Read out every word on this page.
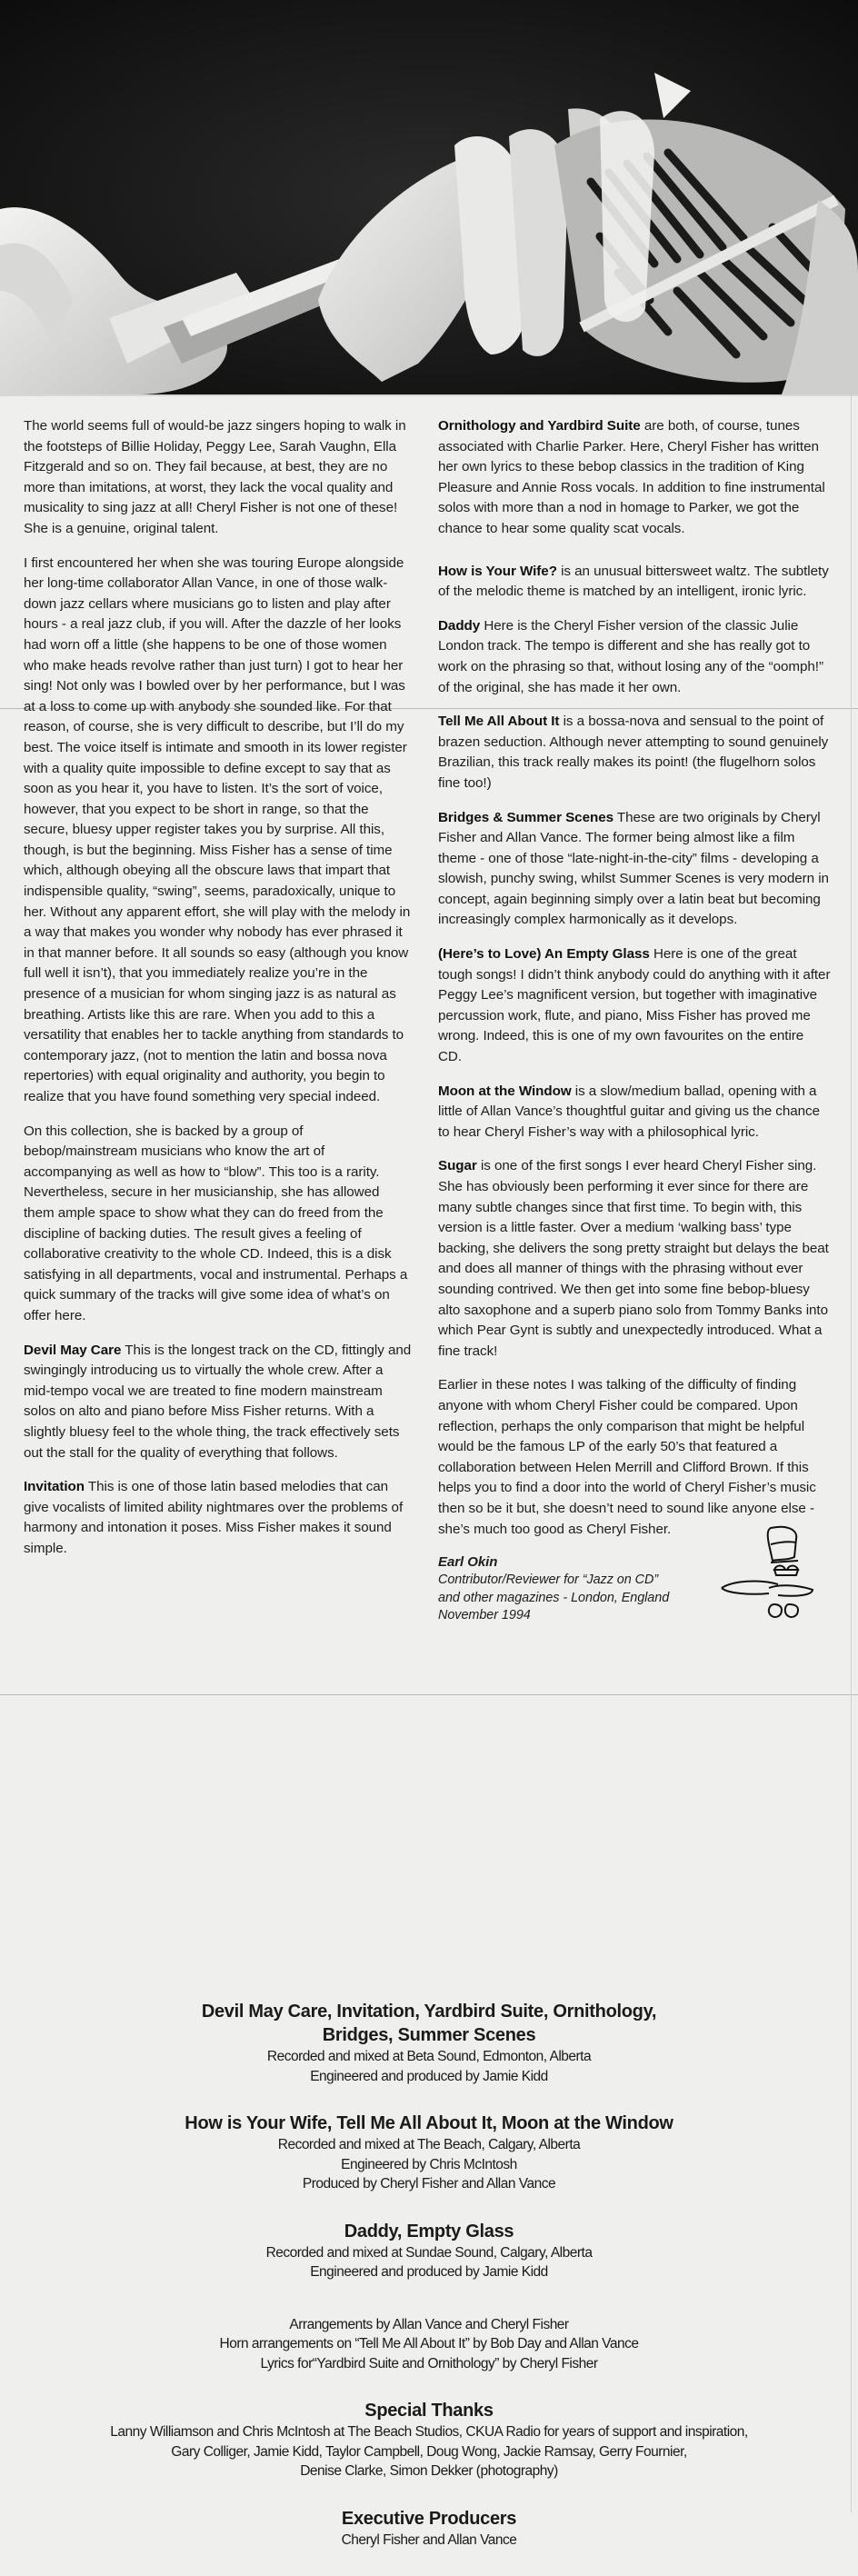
The world seems full of would-be jazz singers hoping to walk in the footsteps of Billie Holiday, Peggy Lee, Sarah Vaughn, Ella Fitzgerald and so on. They fail because, at best, they are no more than imitations, at worst, they lack the vocal quality and musicality to sing jazz at all! Cheryl Fisher is not one of these! She is a genuine, original talent.

I first encountered her when she was touring Europe alongside her long-time collaborator Allan Vance, in one of those walk-down jazz cellars where musicians go to listen and play after hours - a real jazz club, if you will. After the dazzle of her looks had worn off a little (she happens to be one of those women who make heads revolve rather than just turn) I got to hear her sing! Not only was I bowled over by her performance, but I was at a loss to come up with anybody she sounded like. For that reason, of course, she is very difficult to describe, but I’ll do my best. The voice itself is intimate and smooth in its lower register with a quality quite impossible to define except to say that as soon as you hear it, you have to listen. It’s the sort of voice, however, that you expect to be short in range, so that the secure, bluesy upper register takes you by surprise. All this, though, is but the beginning. Miss Fisher has a sense of time which, although obeying all the obscure laws that impart that indispensible quality, “swing”, seems, paradoxically, unique to her. Without any apparent effort, she will play with the melody in a way that makes you wonder why nobody has ever phrased it in that manner before. It all sounds so easy (although you know full well it isn’t), that you immediately realize you’re in the presence of a musician for whom singing jazz is as natural as breathing. Artists like this are rare. When you add to this a versatility that enables her to tackle anything from standards to contemporary jazz, (not to mention the latin and bossa nova repertories) with equal originality and authority, you begin to realize that you have found something very special indeed.

On this collection, she is backed by a group of bebop/mainstream musicians who know the art of accompanying as well as how to “blow”. This too is a rarity. Nevertheless, secure in her musicianship, she has allowed them ample space to show what they can do freed from the discipline of backing duties. The result gives a feeling of collaborative creativity to the whole CD. Indeed, this is a disk satisfying in all departments, vocal and instrumental. Perhaps a quick summary of the tracks will give some idea of what’s on offer here.

Devil May Care This is the longest track on the CD, fittingly and swingingly introducing us to virtually the whole crew. After a mid-tempo vocal we are treated to fine modern mainstream solos on alto and piano before Miss Fisher returns. With a slightly bluesy feel to the whole thing, the track effectively sets out the stall for the quality of everything that follows.

Invitation This is one of those latin based melodies that can give vocalists of limited ability nightmares over the problems of harmony and intonation it poses. Miss Fisher makes it sound simple.

Ornithology and Yardbird Suite are both, of course, tunes associated with Charlie Parker. Here, Cheryl Fisher has written her own lyrics to these bebop classics in the tradition of King Pleasure and Annie Ross vocals. In addition to fine instrumental solos with more than a nod in homage to Parker, we got the chance to hear some quality scat vocals.

How is Your Wife? is an unusual bittersweet waltz. The subtlety of the melodic theme is matched by an intelligent, ironic lyric.

Daddy Here is the Cheryl Fisher version of the classic Julie London track. The tempo is different and she has really got to work on the phrasing so that, without losing any of the “oomph!” of the original, she has made it her own.

Tell Me All About It is a bossa-nova and sensual to the point of brazen seduction. Although never attempting to sound genuinely Brazilian, this track really makes its point! (the flugelhorn solos fine too!)

Bridges & Summer Scenes These are two originals by Cheryl Fisher and Allan Vance. The former being almost like a film theme - one of those “late-night-in-the-city” films - developing a slowish, punchy swing, whilst Summer Scenes is very modern in concept, again beginning simply over a latin beat but becoming increasingly complex harmonically as it develops.

(Here’s to Love) An Empty Glass Here is one of the great tough songs! I didn’t think anybody could do anything with it after Peggy Lee’s magnificent version, but together with imaginative percussion work, flute, and piano, Miss Fisher has proved me wrong. Indeed, this is one of my own favourites on the entire CD.

Moon at the Window is a slow/medium ballad, opening with a little of Allan Vance’s thoughtful guitar and giving us the chance to hear Cheryl Fisher’s way with a philosophical lyric.

Sugar is one of the first songs I ever heard Cheryl Fisher sing. She has obviously been performing it ever since for there are many subtle changes since that first time. To begin with, this version is a little faster. Over a medium ‘walking bass’ type backing, she delivers the song pretty straight but delays the beat and does all manner of things with the phrasing without ever sounding contrived. We then get into some fine bebop-bluesy alto saxophone and a superb piano solo from Tommy Banks into which Pear Gynt is subtly and unexpectedly introduced. What a fine track!

Earlier in these notes I was talking of the difficulty of finding anyone with whom Cheryl Fisher could be compared. Upon reflection, perhaps the only comparison that might be helpful would be the famous LP of the early 50’s that featured a collaboration between Helen Merrill and Clifford Brown. If this helps you to find a door into the world of Cheryl Fisher’s music then so be it but, she doesn’t need to sound like anyone else - she’s much too good as Cheryl Fisher.

Earl Okin
Contributor/Reviewer for “Jazz on CD”
and other magazines - London, England
November 1994
Devil May Care, Invitation, Yardbird Suite, Ornithology,
Bridges, Summer Scenes
Recorded and mixed at Beta Sound, Edmonton, Alberta
Engineered and produced by Jamie Kidd
How is Your Wife, Tell Me All About It, Moon at the Window
Recorded and mixed at The Beach, Calgary, Alberta
Engineered by Chris McIntosh
Produced by Cheryl Fisher and Allan Vance
Daddy, Empty Glass
Recorded and mixed at Sundae Sound, Calgary, Alberta
Engineered and produced by Jamie Kidd
Arrangements by Allan Vance and Cheryl Fisher
Horn arrangements on “Tell Me All About It” by Bob Day and Allan Vance
Lyrics for“Yardbird Suite and Ornithology” by Cheryl Fisher
Special Thanks
Lanny Williamson and Chris McIntosh at The Beach Studios, CKUA Radio for years of support and inspiration,
Gary Colliger, Jamie Kidd, Taylor Campbell, Doug Wong, Jackie Ramsay, Gerry Fournier,
Denise Clarke, Simon Dekker (photography)
Executive Producers
Cheryl Fisher and Allan Vance
